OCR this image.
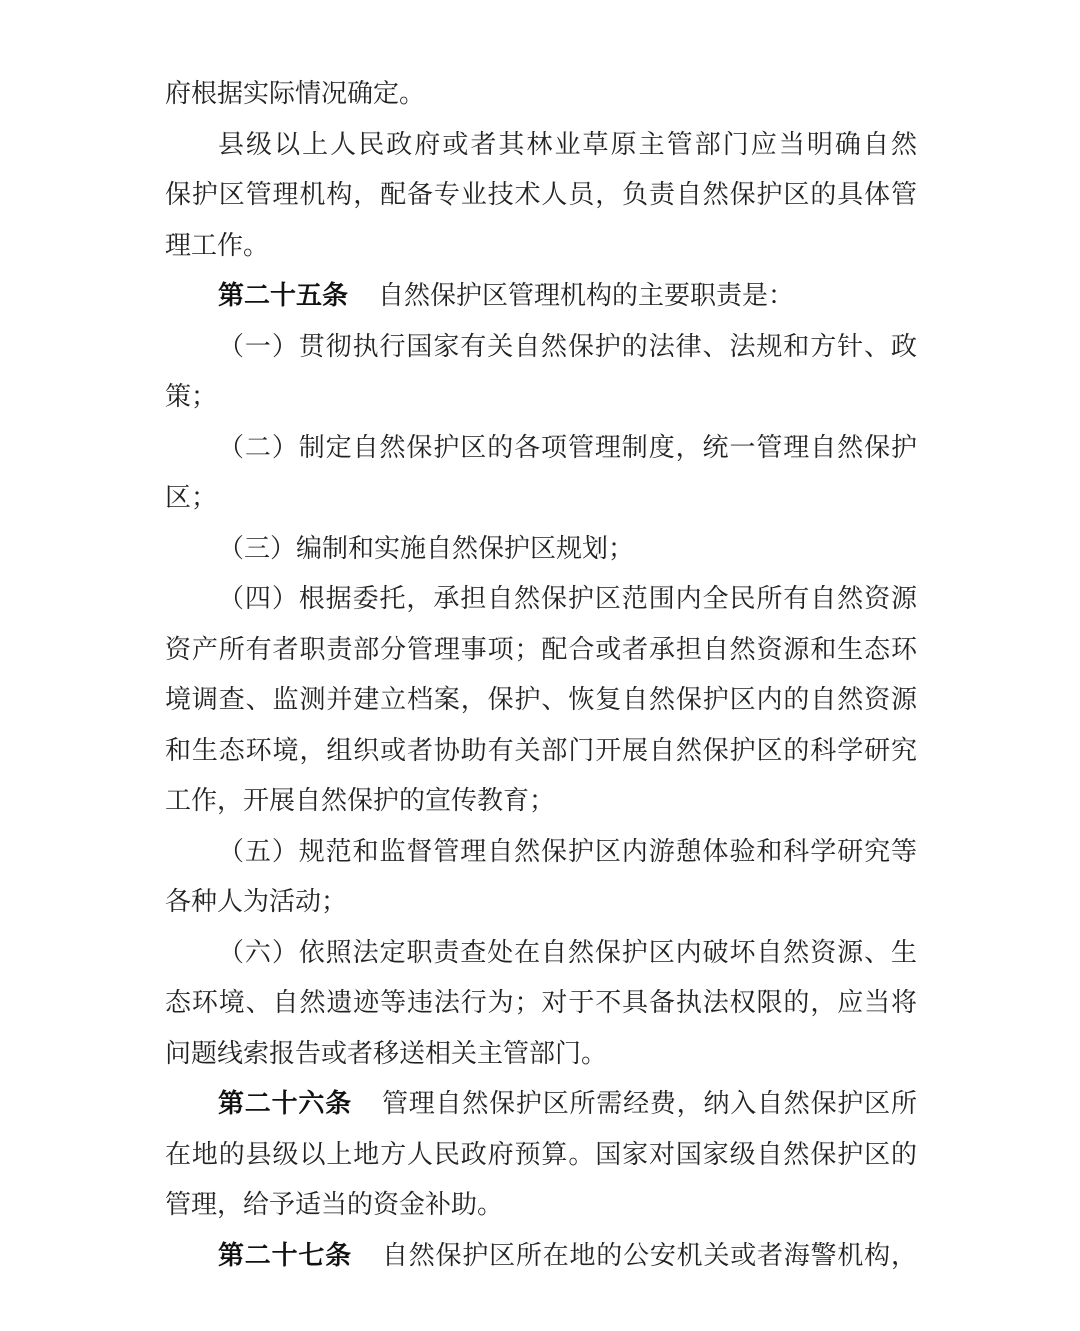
府根据实际情况确定。
县级以上人民政府或者其林业草原主管部门应当明确自然
保护区管理机构，配备专业技术人员，负责自然保护区的具体管
理工作。
第二十五条 自然保护区管理机构的主要职责是：
（一）贯彻执行国家有关自然保护的法律、法规和方针、政
策；
（二）制定自然保护区的各项管理制度，统一管理自然保护
区；
（三）编制和实施自然保护区规划；
（四）根据委托，承担自然保护区范围内全民所有自然资源
资产所有者职责部分管理事项；配合或者承担自然资源和生态环
境调查、监测并建立档案，保护、恢复自然保护区内的自然资源
和生态环境，组织或者协助有关部门开展自然保护区的科学研究
工作，开展自然保护的宣传教育；
（五）规范和监督管理自然保护区内游憩体验和科学研究等
各种人为活动；
（六）依照法定职责查处在自然保护区内破坏自然资源、生
态环境、自然遗迹等违法行为；对于不具备执法权限的，应当将
问题线索报告或者移送相关主管部门。
第二十六条 管理自然保护区所需经费，纳入自然保护区所
在地的县级以上地方人民政府预算。国家对国家级自然保护区的
管理，给予适当的资金补助。
第二十七条 自然保护区所在地的公安机关或者海警机构，
